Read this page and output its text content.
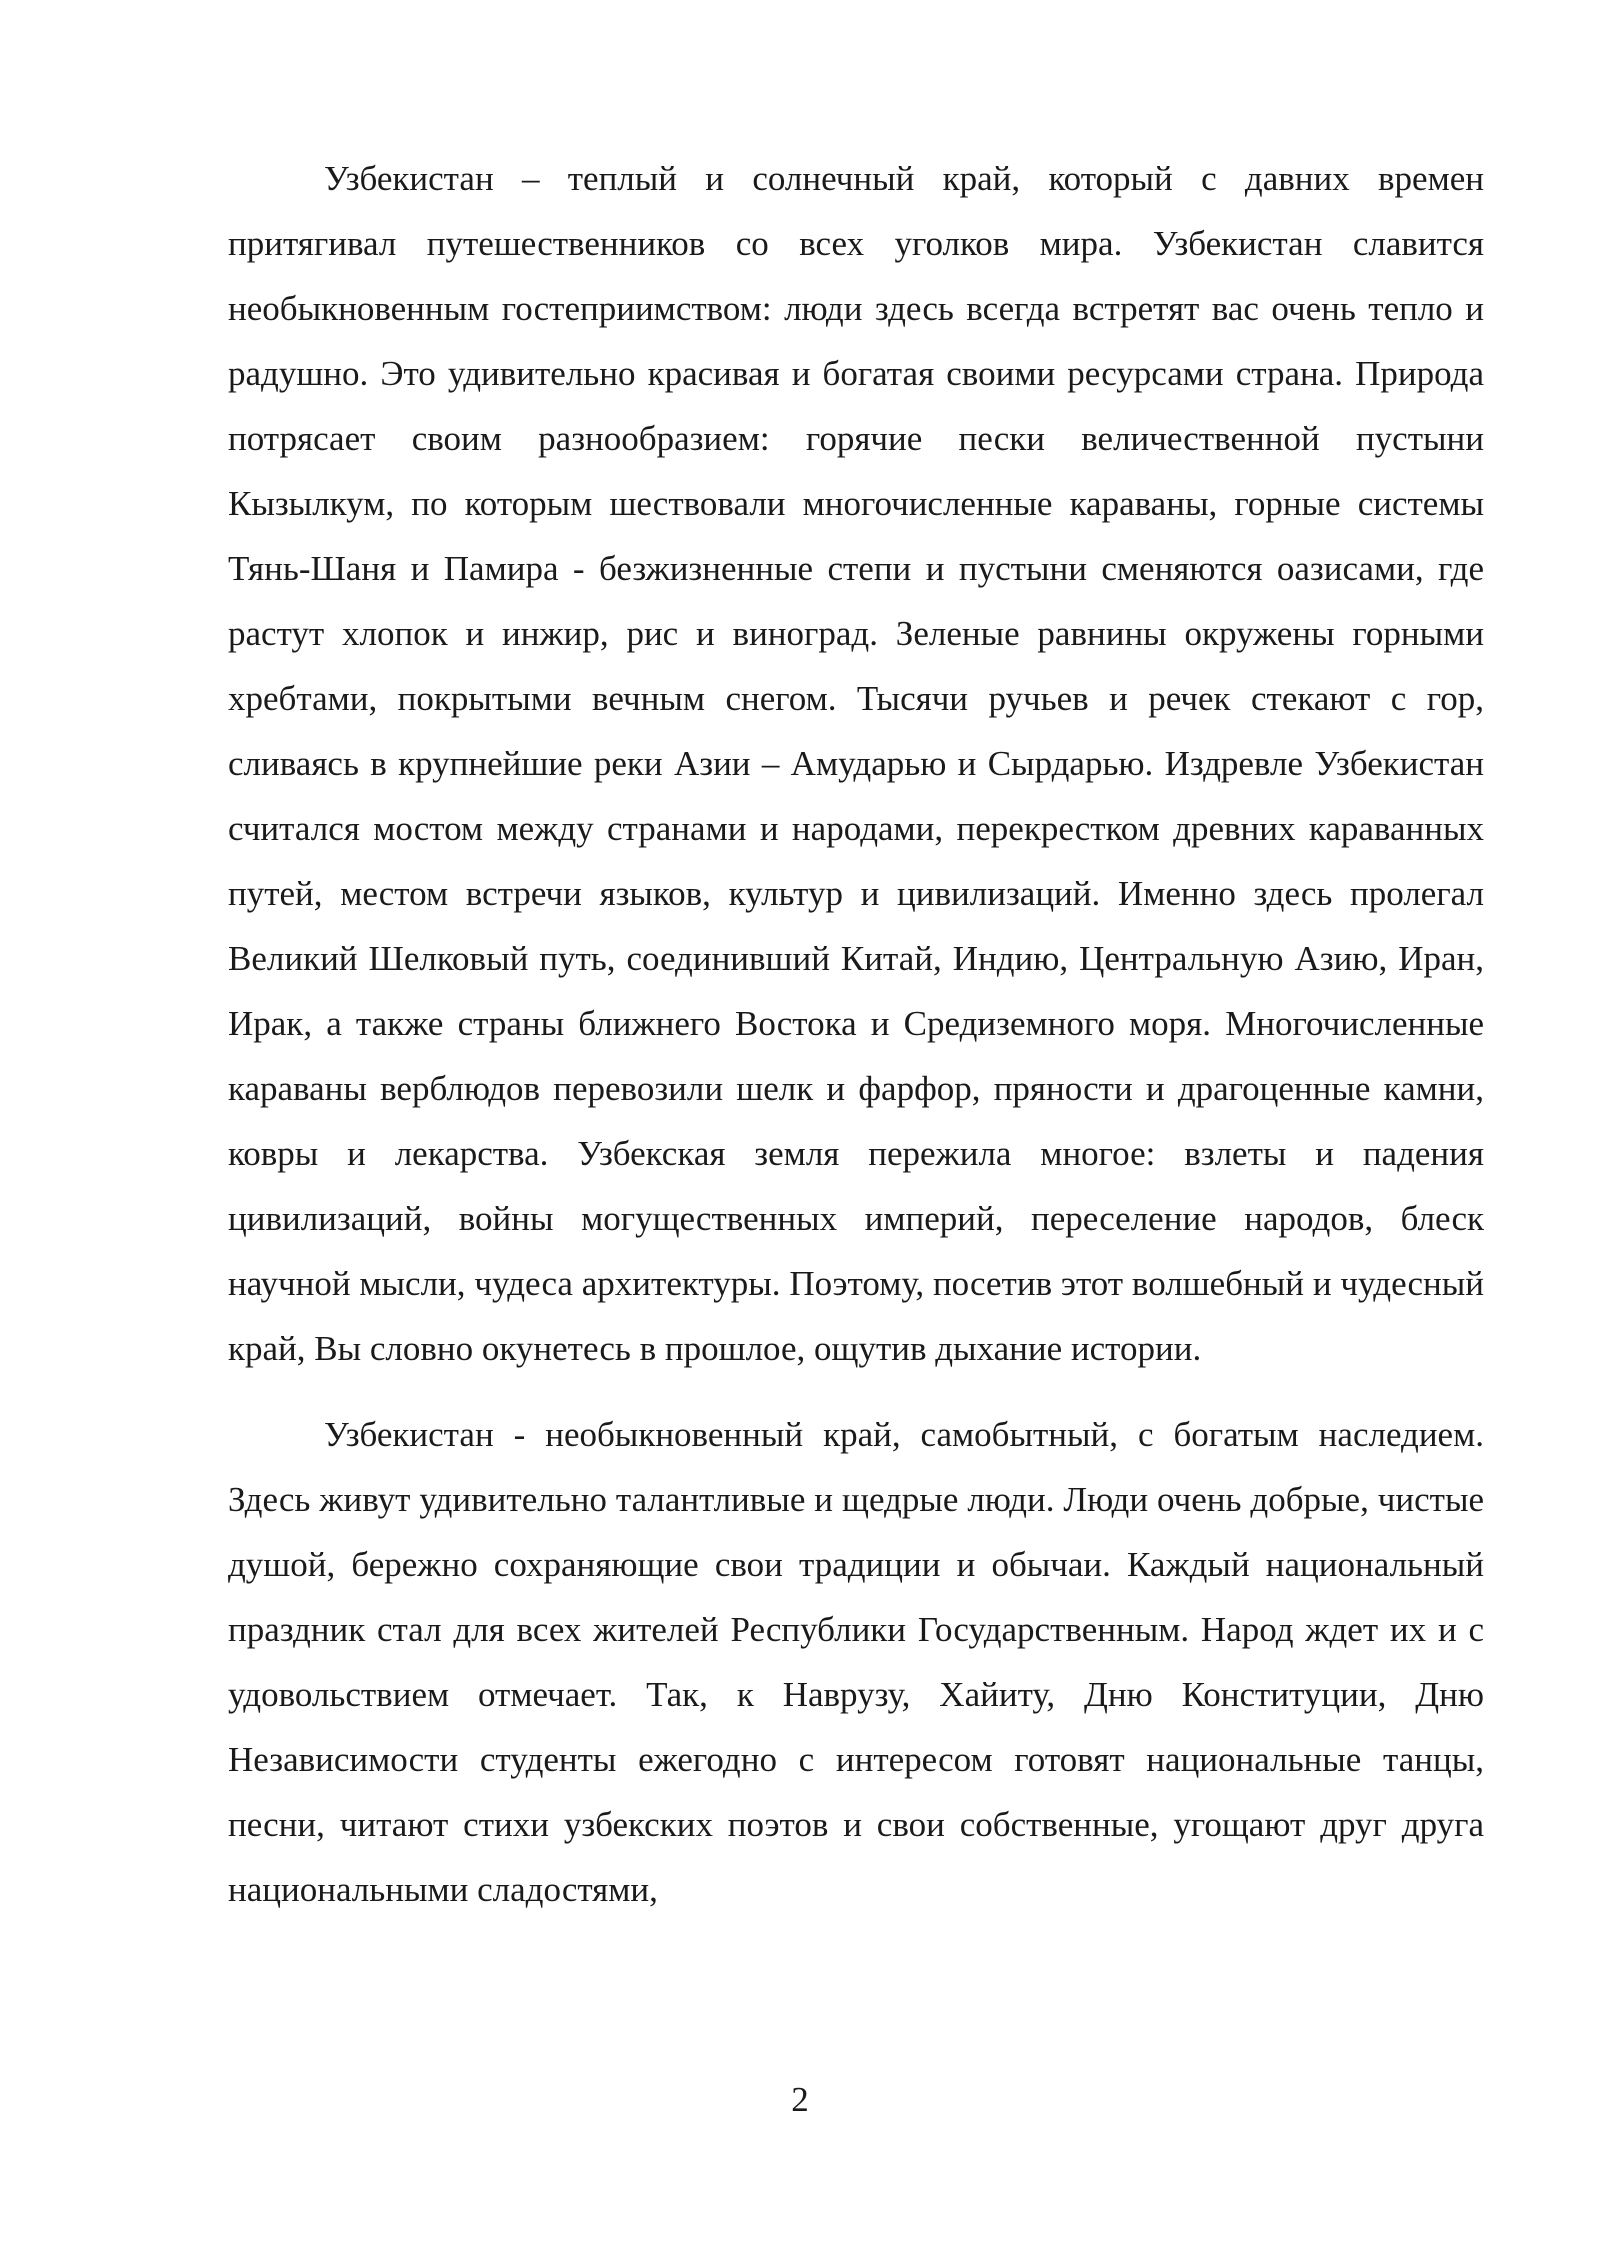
Узбекистан – теплый и солнечный край, который с давних времен притягивал путешественников со всех уголков мира. Узбекистан славится необыкновенным гостеприимством: люди здесь всегда встретят вас очень тепло и радушно. Это удивительно красивая и богатая своими ресурсами страна. Природа потрясает своим разнообразием: горячие пески величественной пустыни Кызылкум, по которым шествовали многочисленные караваны, горные системы Тянь-Шаня и Памира - безжизненные степи и пустыни сменяются оазисами, где растут хлопок и инжир, рис и виноград. Зеленые равнины окружены горными хребтами, покрытыми вечным снегом. Тысячи ручьев и речек стекают с гор, сливаясь в крупнейшие реки Азии – Амударью и Сырдарью. Издревле Узбекистан считался мостом между странами и народами, перекрестком древних караванных путей, местом встречи языков, культур и цивилизаций. Именно здесь пролегал Великий Шелковый путь, соединивший Китай, Индию, Центральную Азию, Иран, Ирак, а также страны ближнего Востока и Средиземного моря. Многочисленные караваны верблюдов перевозили шелк и фарфор, пряности и драгоценные камни, ковры и лекарства. Узбекская земля пережила многое: взлеты и падения цивилизаций, войны могущественных империй, переселение народов, блеск научной мысли, чудеса архитектуры. Поэтому, посетив этот волшебный и чудесный край, Вы словно окунетесь в прошлое, ощутив дыхание истории.

Узбекистан - необыкновенный край, самобытный, с богатым наследием. Здесь живут удивительно талантливые и щедрые люди. Люди очень добрые, чистые душой, бережно сохраняющие свои традиции и обычаи. Каждый национальный праздник стал для всех жителей Республики Государственным. Народ ждет их и с удовольствием отмечает. Так, к Наврузу, Хайиту, Дню Конституции, Дню Независимости студенты ежегодно с интересом готовят национальные танцы, песни, читают стихи узбекских поэтов и свои собственные, угощают друг друга национальными сладостями,

2
